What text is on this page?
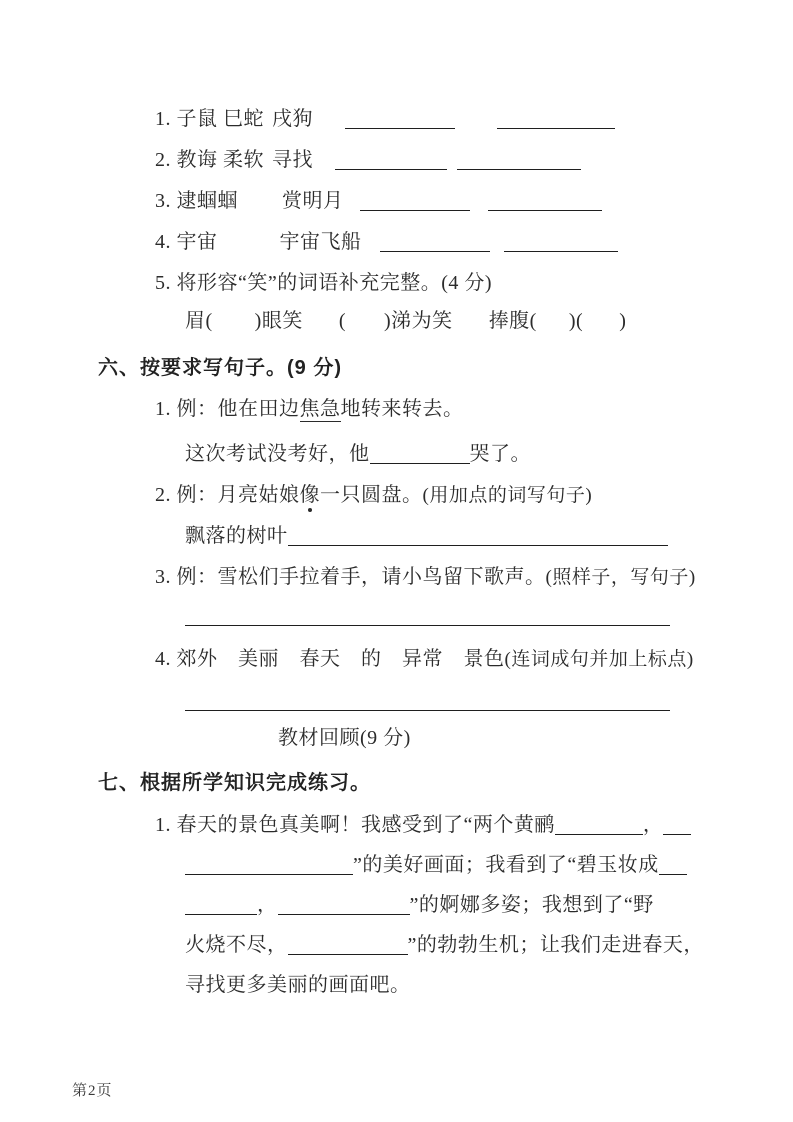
1. 子鼠 巳蛇 戌狗
2. 教诲 柔软 寻找
3. 逮蝈蝈 赏明月
4. 宇宙	宇宙飞船
5. 将形容“笑”的词语补充完整。(4 分)
眉( )眼笑 ( )涕为笑 捧腹( )( )
六、按要求写句子。(9 分)
1. 例：他在田边焦急地转来转去。
这次考试没考好，他	哭了。
2. 例：月亮姑娘像一只圆盘。(用加点的词写句子)
飘落的树叶
3. 例：雪松们手拉着手，请小鸟留下歌声。(照样子，写句子)
4. 郊外　美丽　春天　的　异常　景色(连词成句并加上标点)
教材回顾(9 分)
七、根据所学知识完成练习。
1. 春天的景色真美啊！我感受到了“两个黄鹂	，
”的美好画面；我看到了“碧玉妆成
，	”的婀娜多姿；我想到了“野
火烧不尽，	”的勃勃生机；让我们走进春天，
寻找更多美丽的画面吧。
第2页
